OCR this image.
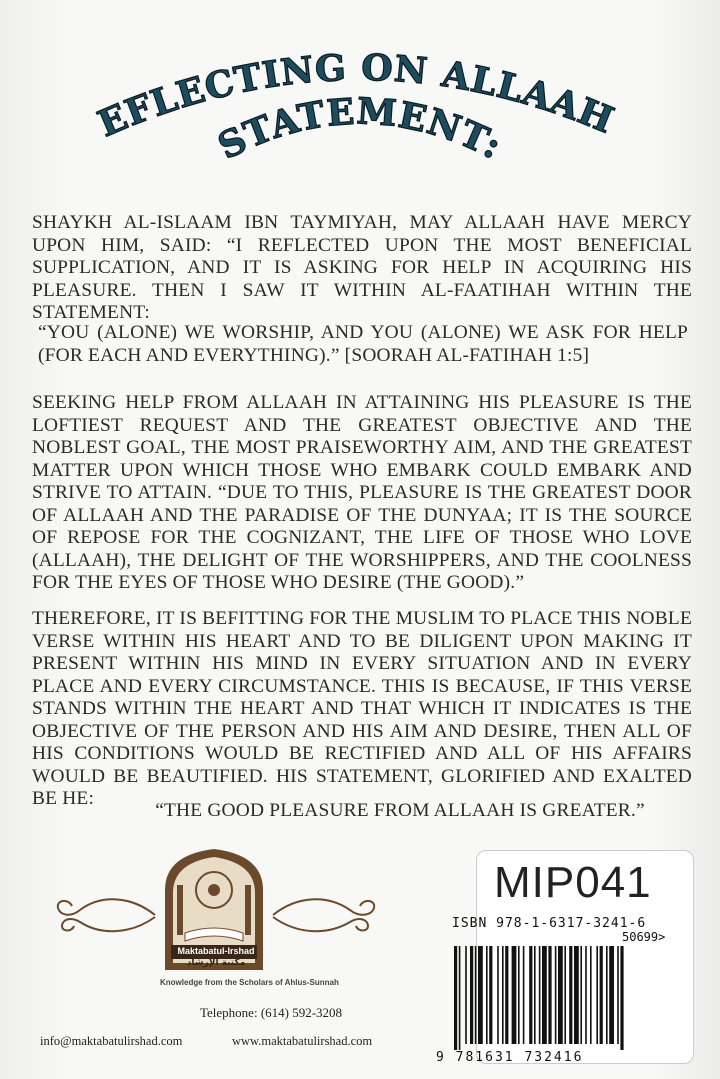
EFLECTING ON ALLAAH
STATEMENT:

SHAYKH AL-ISLAAM IBN TAYMIYAH, MAY ALLAAH HAVE MERCY UPON HIM, SAID: “I REFLECTED UPON THE MOST BENEFICIAL SUPPLICATION, AND IT IS ASKING FOR HELP IN ACQUIRING HIS PLEASURE. THEN I SAW IT WITHIN AL-FAATIHAH WITHIN THE STATEMENT:

“YOU (ALONE) WE WORSHIP, AND YOU (ALONE) WE ASK FOR HELP (FOR EACH AND EVERYTHING).” [SOORAH AL-FATIHAH 1:5]

SEEKING HELP FROM ALLAAH IN ATTAINING HIS PLEASURE IS THE LOFTIEST REQUEST AND THE GREATEST OBJECTIVE AND THE NOBLEST GOAL, THE MOST PRAISEWORTHY AIM, AND THE GREATEST MATTER UPON WHICH THOSE WHO EMBARK COULD EMBARK AND STRIVE TO ATTAIN. “DUE TO THIS, PLEASURE IS THE GREATEST DOOR OF ALLAAH AND THE PARADISE OF THE DUNYAA; IT IS THE SOURCE OF REPOSE FOR THE COGNIZANT, THE LIFE OF THOSE WHO LOVE (ALLAAH), THE DELIGHT OF THE WORSHIPPERS, AND THE COOLNESS FOR THE EYES OF THOSE WHO DESIRE (THE GOOD).”

THEREFORE, IT IS BEFITTING FOR THE MUSLIM TO PLACE THIS NOBLE VERSE WITHIN HIS HEART AND TO BE DILIGENT UPON MAKING IT PRESENT WITHIN HIS MIND IN EVERY SITUATION AND IN EVERY PLACE AND EVERY CIRCUMSTANCE. THIS IS BECAUSE, IF THIS VERSE STANDS WITHIN THE HEART AND THAT WHICH IT INDICATES IS THE OBJECTIVE OF THE PERSON AND HIS AIM AND DESIRE, THEN ALL OF HIS CONDITIONS WOULD BE RECTIFIED AND ALL OF HIS AFFAIRS WOULD BE BEAUTIFIED. HIS STATEMENT, GLORIFIED AND EXALTED BE HE:

“THE GOOD PLEASURE FROM ALLAAH IS GREATER.”

Maktabatul-Irshad
مكتبة الإرشاد
Knowledge from the Scholars of Ahlus-Sunnah
Telephone: (614) 592-3208
info@maktabatulirshad.com	www.maktabatulirshad.com
MIP041
ISBN 978-1-6317-3241-6
50699>
9 781631 732416
